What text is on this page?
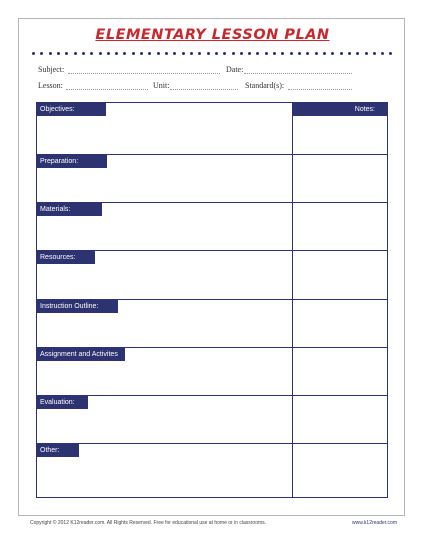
ELEMENTARY LESSON PLAN
Subject:	Date:
Lesson:	Unit:	Standard(s):
Objectives:
Preparation:
Materials:
Resources:
Instruction Outline:
Assignment and Activites
Evaluation:
Other:
Notes:
Copyright © 2012 K12reader.com. All Rights Reserved. Free for educational use at home or in classrooms.	www.k12reader.com
